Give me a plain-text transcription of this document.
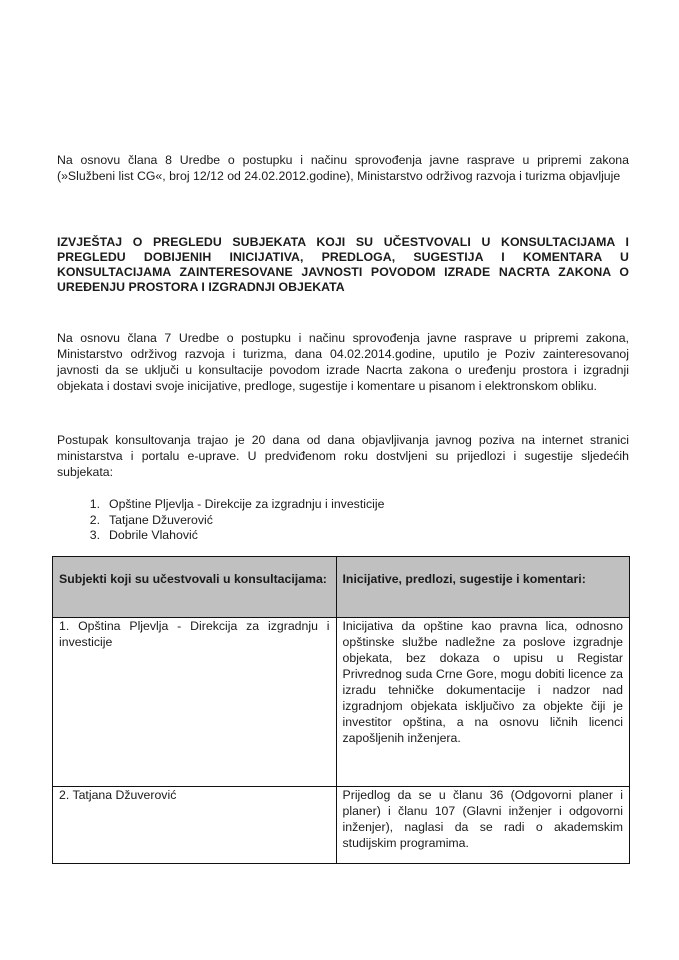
Na osnovu člana 8 Uredbe o postupku i načinu sprovođenja javne rasprave u pripremi zakona (»Službeni list CG«, broj 12/12 od 24.02.2012.godine), Ministarstvo održivog razvoja i turizma objavljuje

IZVJEŠTAJ O PREGLEDU SUBJEKATA KOJI SU UČESTVOVALI U KONSULTACIJAMA I PREGLEDU DOBIJENIH INICIJATIVA, PREDLOGA, SUGESTIJA I KOMENTARA U KONSULTACIJAMA ZAINTERESOVANE JAVNOSTI POVODOM IZRADE NACRTA ZAKONA O UREĐENJU PROSTORA I IZGRADNJI OBJEKATA

Na osnovu člana 7 Uredbe o postupku i načinu sprovođenja javne rasprave u pripremi zakona, Ministarstvo održivog razvoja i turizma, dana 04.02.2014.godine, uputilo je Poziv zainteresovanoj javnosti da se uključi u konsultacije povodom izrade Nacrta zakona o uređenju prostora i izgradnji objekata i dostavi svoje inicijative, predloge, sugestije i komentare u pisanom i elektronskom obliku.

Postupak konsultovanja trajao je 20 dana od dana objavljivanja javnog poziva na internet stranici ministarstva i portalu e-uprave. U predviđenom roku dostvljeni su prijedlozi i sugestije sljedećih subjekata:

1. Opštine Pljevlja - Direkcije za izgradnju i investicije
2. Tatjane Džuverović
3. Dobrile Vlahović
Subjekti koji su učestvovali u konsultacijama:	Inicijative, predlozi, sugestije i komentari:

1. Opština Pljevlja - Direkcija za izgradnju i investicije	Inicijativa da opštine kao pravna lica, odnosno opštinske službe nadležne za poslove izgradnje objekata, bez dokaza o upisu u Registar Privrednog suda Crne Gore, mogu dobiti licence za izradu tehničke dokumentacije i nadzor nad izgradnjom objekata isključivo za objekte čiji je investitor opština, a na osnovu ličnih licenci zapošljenih inženjera.
2. Tatjana Džuverović	Prijedlog da se u članu 36 (Odgovorni planer i planer) i članu 107 (Glavni inženjer i odgovorni inženjer), naglasi da se radi o akademskim studijskim programima.
